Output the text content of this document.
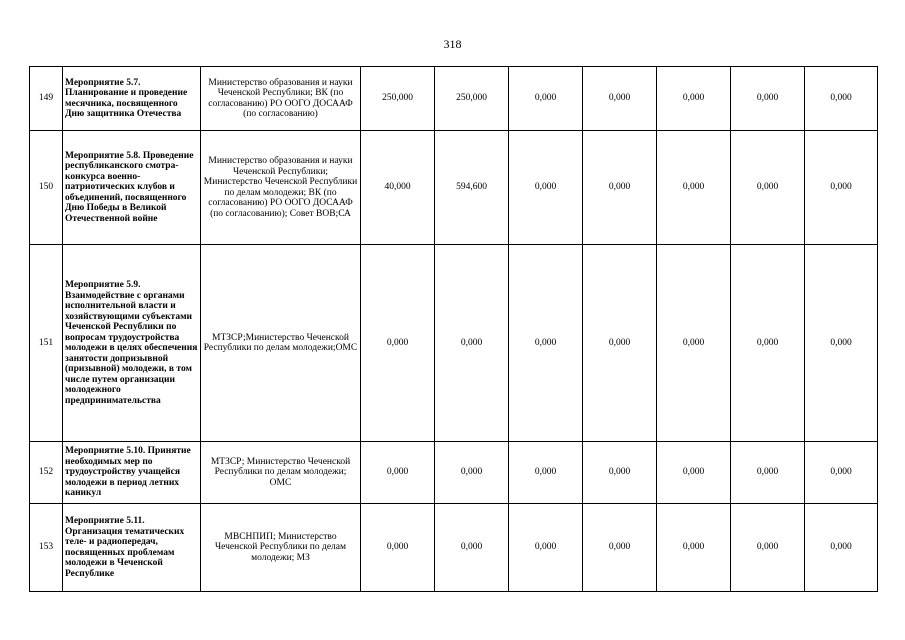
318
149	Мероприятие 5.7. Планирование и проведение месячника, посвященного Дню защитника Отечества	Министерство образования и науки Чеченской Республики; ВК (по согласованию) РО ООГО ДОСААФ (по согласованию)	250,000	250,000	0,000	0,000	0,000	0,000	0,000
150	Мероприятие 5.8. Проведение республиканского смотра-конкурса военно-патриотических клубов и объединений, посвященного Дню Победы в Великой Отечественной войне	Министерство образования и науки Чеченской Республики; Министерство Чеченской Республики по делам молодежи; ВК (по согласованию) РО ООГО ДОСААФ (по согласованию); Совет ВОВ;СА	40,000	594,600	0,000	0,000	0,000	0,000	0,000
151	Мероприятие 5.9. Взаимодействие с органами исполнительной власти и хозяйствующими субъектами Чеченской Республики по вопросам трудоустройства молодежи в целях обеспечения занятости допризывной (призывной) молодежи, в том числе путем организации молодежного предпринимательства	МТЗСР;Министерство Чеченской Республики по делам молодежи;ОМС	0,000	0,000	0,000	0,000	0,000	0,000	0,000
152	Мероприятие 5.10. Принятие необходимых мер по трудоустройству учащейся молодежи в период летних каникул	МТЗСР; Министерство Чеченской Республики по делам молодежи; ОМС	0,000	0,000	0,000	0,000	0,000	0,000	0,000
153	Мероприятие 5.11. Организация тематических теле- и радиопередач, посвященных проблемам молодежи в Чеченской Республике	МВСНПИП; Министерство Чеченской Республики по делам молодежи; МЗ	0,000	0,000	0,000	0,000	0,000	0,000	0,000
